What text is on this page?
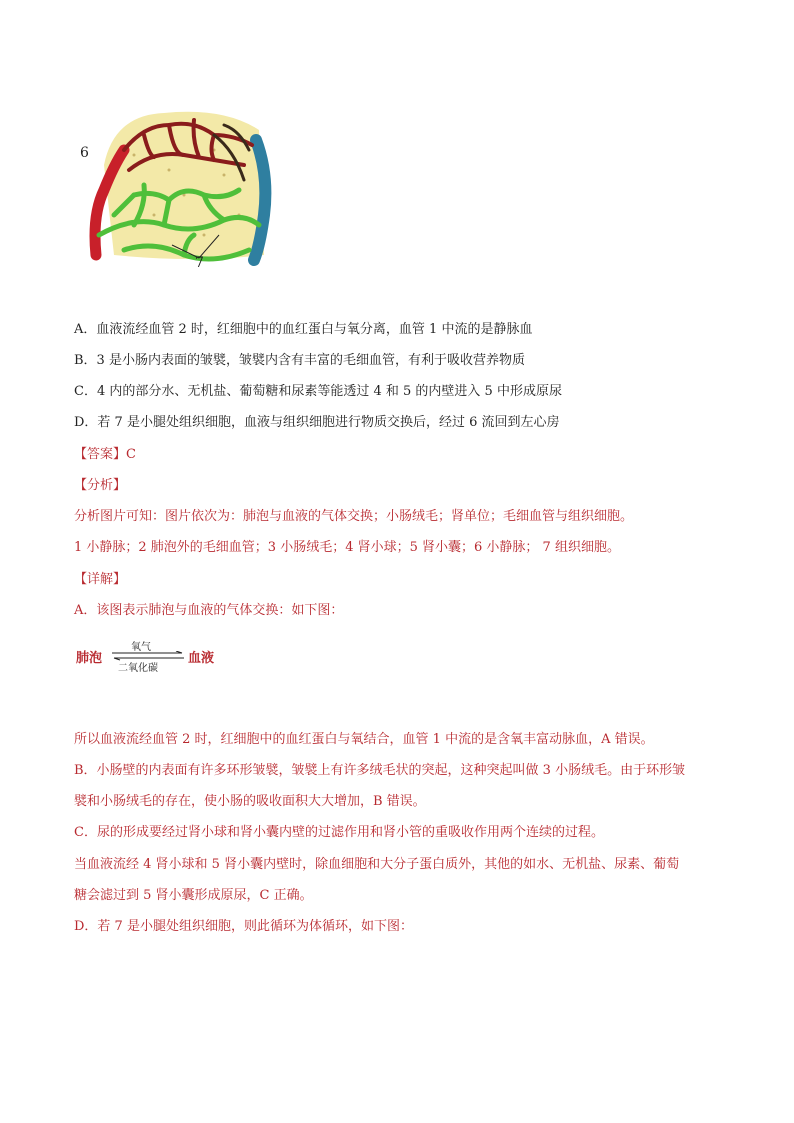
6
7
A．血液流经血管 2 时，红细胞中的血红蛋白与氧分离，血管 1 中流的是静脉血
B．3 是小肠内表面的皱襞，皱襞内含有丰富的毛细血管，有利于吸收营养物质
C．4 内的部分水、无机盐、葡萄糖和尿素等能透过 4 和 5 的内壁进入 5 中形成原尿
D．若 7 是小腿处组织细胞，血液与组织细胞进行物质交换后，经过 6 流回到左心房
【答案】C
【分析】
分析图片可知：图片依次为：肺泡与血液的气体交换；小肠绒毛；肾单位；毛细血管与组织细胞。
1 小静脉；2 肺泡外的毛细血管；3 小肠绒毛；4 肾小球；5 肾小囊；6 小静脉； 7 组织细胞。
【详解】
A．该图表示肺泡与血液的气体交换：如下图：
肺泡
氧气
二氧化碳
血液
所以血液流经血管 2 时，红细胞中的血红蛋白与氧结合，血管 1 中流的是含氧丰富动脉血，A 错误。
B．小肠壁的内表面有许多环形皱襞，皱襞上有许多绒毛状的突起，这种突起叫做 3 小肠绒毛。由于环形皱
襞和小肠绒毛的存在，使小肠的吸收面积大大增加，B 错误。
C．尿的形成要经过肾小球和肾小囊内壁的过滤作用和肾小管的重吸收作用两个连续的过程。
当血液流经 4 肾小球和 5 肾小囊内壁时，除血细胞和大分子蛋白质外，其他的如水、无机盐、尿素、葡萄
糖会滤过到 5 肾小囊形成原尿，C 正确。
D．若 7 是小腿处组织细胞，则此循环为体循环，如下图：
